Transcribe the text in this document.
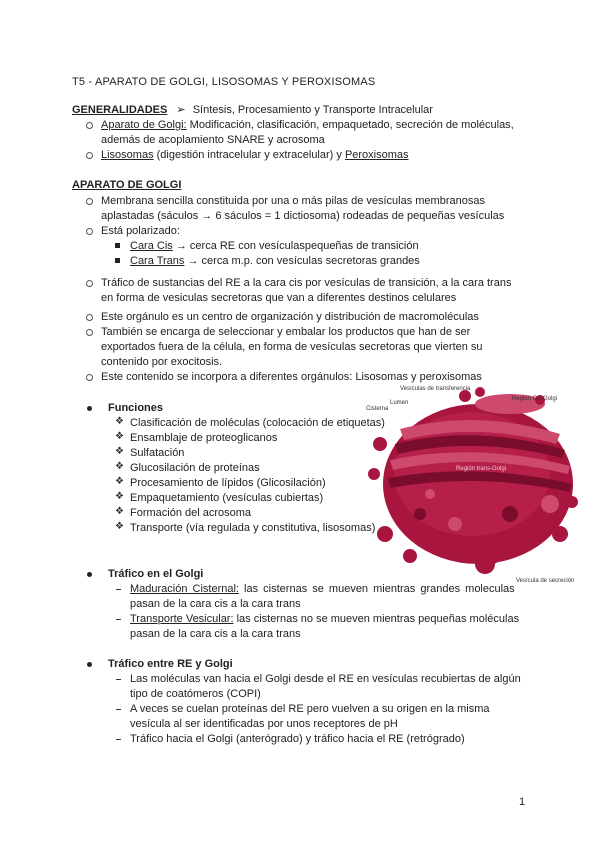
T5 - APARATO DE GOLGI, LISOSOMAS Y PEROXISOMAS
GENERALIDADES ➢ Síntesis, Procesamiento y Transporte Intracelular
Aparato de Golgi: Modificación, clasificación, empaquetado, secreción de moléculas,
además de acoplamiento SNARE y acrosoma
Lisosomas (digestión intracelular y extracelular) y Peroxisomas
APARATO DE GOLGI
Membrana sencilla constituida por una o más pilas de vesículas membranosas
aplastadas (sáculos → 6 sáculos = 1 dictiosoma) rodeadas de pequeñas vesículas
Está polarizado:
Cara Cis → cerca RE con vesículaspequeñas de transición
Cara Trans → cerca m.p. con vesículas secretoras grandes
Tráfico de sustancias del RE a la cara cis por vesículas de transición, a la cara trans
en forma de vesiculas secretoras que van a diferentes destinos celulares
Este orgánulo es un centro de organización y distribución de macromoléculas
También se encarga de seleccionar y embalar los productos que han de ser
exportados fuera de la célula, en forma de vesículas secretoras que vierten su
contenido por exocitosis.
Este contenido se incorpora a diferentes orgánulos: Lisosomas y peroxisomas
Vesículas de transferencia
Región Cis Golgi
Lumen
Cisterna
Región trans-Golgi
Vesícula de secreción
Funciones
❖ Clasificación de moléculas (colocación de etiquetas)
❖ Ensamblaje de proteoglicanos
❖ Sulfatación
❖ Glucosilación de proteínas
❖ Procesamiento de lípidos (Glicosilación)
❖ Empaquetamiento (vesículas cubiertas)
❖ Formación del acrosoma
❖ Transporte (vía regulada y constitutiva, lisosomas)
Tráfico en el Golgi
Maduración Cisternal: las cisternas se mueven mientras grandes moleculas
pasan de la cara cis a la cara trans
Transporte Vesicular: las cisternas no se mueven mientras pequeñas moléculas
pasan de la cara cis a la cara trans
Tráfico entre RE y Golgi
Las moléculas van hacia el Golgi desde el RE en vesículas recubiertas de algún
tipo de coatómeros (COPI)
A veces se cuelan proteínas del RE pero vuelven a su origen en la misma
vesícula al ser identificadas por unos receptores de pH
Tráfico hacia el Golgi (anterógrado) y tráfico hacia el RE (retrógrado)
1
